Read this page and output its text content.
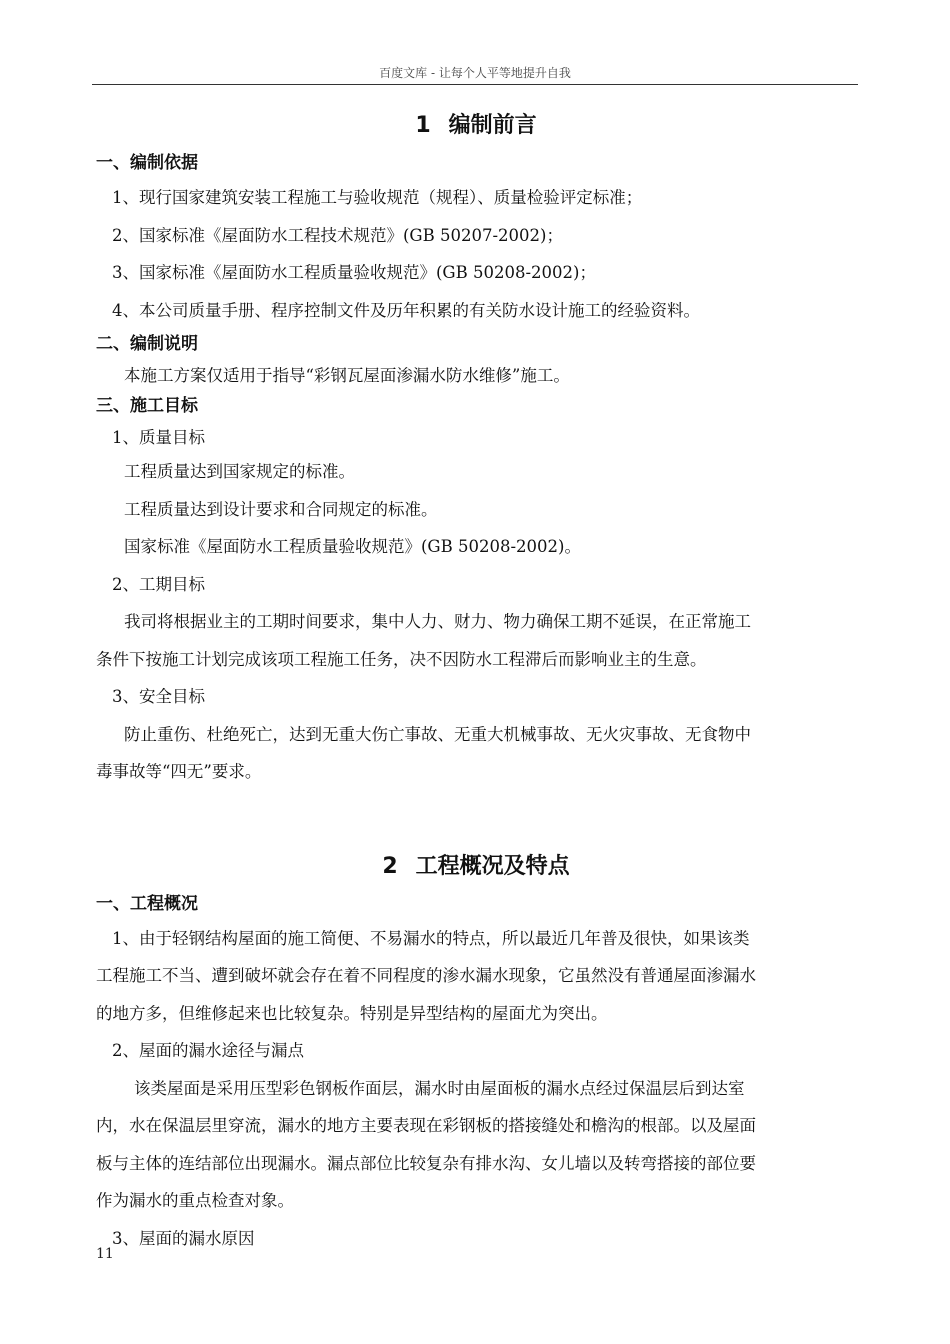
百度文库 - 让每个人平等地提升自我
1 编制前言
一、编制依据
1、现行国家建筑安装工程施工与验收规范（规程）、质量检验评定标准；
2、国家标准《屋面防水工程技术规范》(GB 50207-2002)；
3、国家标准《屋面防水工程质量验收规范》(GB 50208-2002)；
4、本公司质量手册、程序控制文件及历年积累的有关防水设计施工的经验资料。
二、编制说明
本施工方案仅适用于指导“彩钢瓦屋面渗漏水防水维修”施工。
三、施工目标
1、质量目标
工程质量达到国家规定的标准。
工程质量达到设计要求和合同规定的标准。
国家标准《屋面防水工程质量验收规范》(GB 50208-2002)。
2、工期目标
我司将根据业主的工期时间要求，集中人力、财力、物力确保工期不延误，在正常施工
条件下按施工计划完成该项工程施工任务，决不因防水工程滞后而影响业主的生意。
3、安全目标
防止重伤、杜绝死亡，达到无重大伤亡事故、无重大机械事故、无火灾事故、无食物中
毒事故等“四无”要求。
2 工程概况及特点
一、工程概况
1、由于轻钢结构屋面的施工简便、不易漏水的特点，所以最近几年普及很快，如果该类
工程施工不当、遭到破坏就会存在着不同程度的渗水漏水现象，它虽然没有普通屋面渗漏水
的地方多，但维修起来也比较复杂。特别是异型结构的屋面尤为突出。
2、屋面的漏水途径与漏点
该类屋面是采用压型彩色钢板作面层，漏水时由屋面板的漏水点经过保温层后到达室
内，水在保温层里穿流，漏水的地方主要表现在彩钢板的搭接缝处和檐沟的根部。以及屋面
板与主体的连结部位出现漏水。漏点部位比较复杂有排水沟、女儿墙以及转弯搭接的部位要
作为漏水的重点检查对象。
3、屋面的漏水原因
11
